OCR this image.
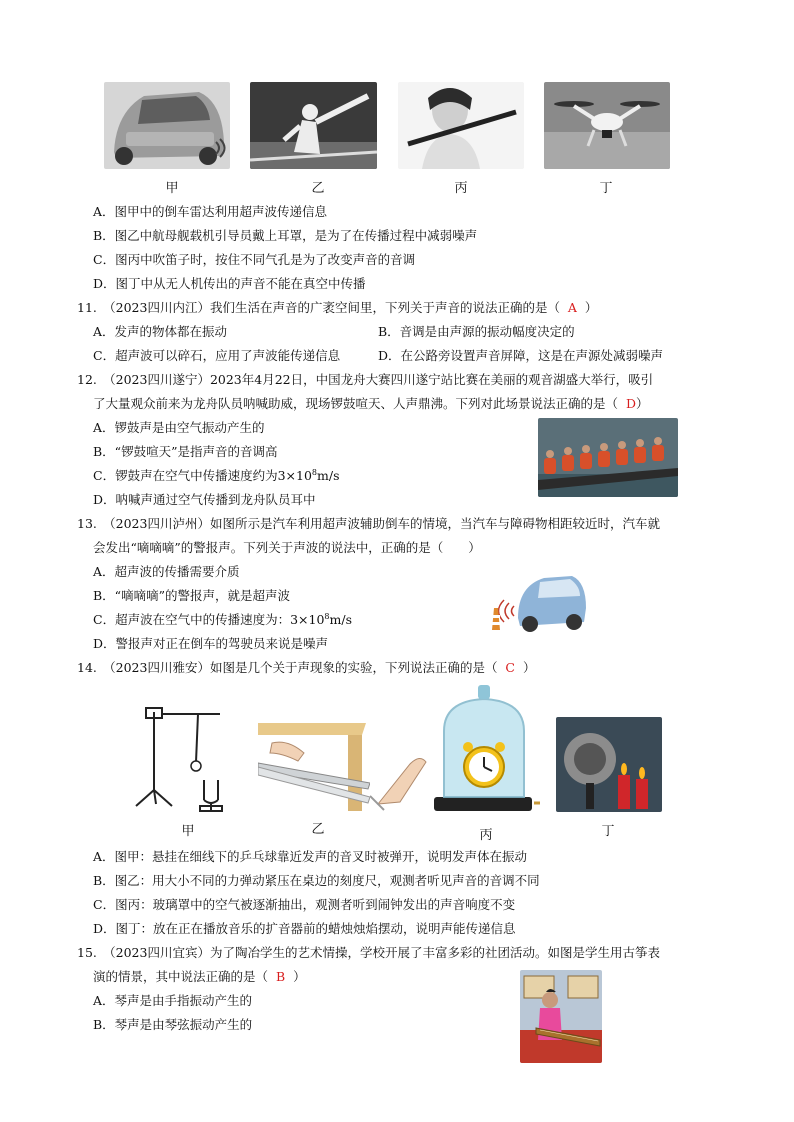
甲	乙	丙	丁
A．图甲中的倒车雷达利用超声波传递信息
B．图乙中航母舰载机引导员戴上耳罩，是为了在传播过程中减弱噪声
C．图丙中吹笛子时，按住不同气孔是为了改变声音的音调
D．图丁中从无人机传出的声音不能在真空中传播
11.　（2023四川内江）我们生活在声音的广袤空间里，下列关于声音的说法正确的是（ A ）
A．发声的物体都在振动	B．音调是由声源的振动幅度决定的
C．超声波可以碎石，应用了声波能传递信息	D．在公路旁设置声音屏障，这是在声源处减弱噪声
12.　（2023四川遂宁）2023年4月22日，中国龙舟大赛四川遂宁站比赛在美丽的观音湖盛大举行，吸引
了大量观众前来为龙舟队员呐喊助威，现场锣鼓喧天、人声鼎沸。下列对此场景说法正确的是（ D）
A．锣鼓声是由空气振动产生的
B．“锣鼓喧天”是指声音的音调高
C．锣鼓声在空气中传播速度约为$3\times 10^8m/s$
D．呐喊声通过空气传播到龙舟队员耳中
13.　（2023四川泸州）如图所示是汽车利用超声波辅助倒车的情境，当汽车与障碍物相距较近时，汽车就
会发出“嘀嘀嘀”的警报声。下列关于声波的说法中，正确的是（　　）
A．超声波的传播需要介质
B．“嘀嘀嘀”的警报声，就是超声波
C．超声波在空气中的传播速度为：$3\times 10^8m/s$
D．警报声对正在倒车的驾驶员来说是噪声
14.　（2023四川雅安）如图是几个关于声现象的实验，下列说法正确的是（ C ）
甲	乙	丙	丁
A．图甲：悬挂在细线下的乒乓球靠近发声的音叉时被弹开，说明发声体在振动
B．图乙：用大小不同的力弹动紧压在桌边的刻度尺，观测者听见声音的音调不同
C．图丙：玻璃罩中的空气被逐渐抽出，观测者听到闹钟发出的声音响度不变
D．图丁：放在正在播放音乐的扩音器前的蜡烛烛焰摆动，说明声能传递信息
15.　（2023四川宜宾）为了陶冶学生的艺术情操，学校开展了丰富多彩的社团活动。如图是学生用古筝表
演的情景，其中说法正确的是（ B ）
A．琴声是由手指振动产生的
B．琴声是由琴弦振动产生的
